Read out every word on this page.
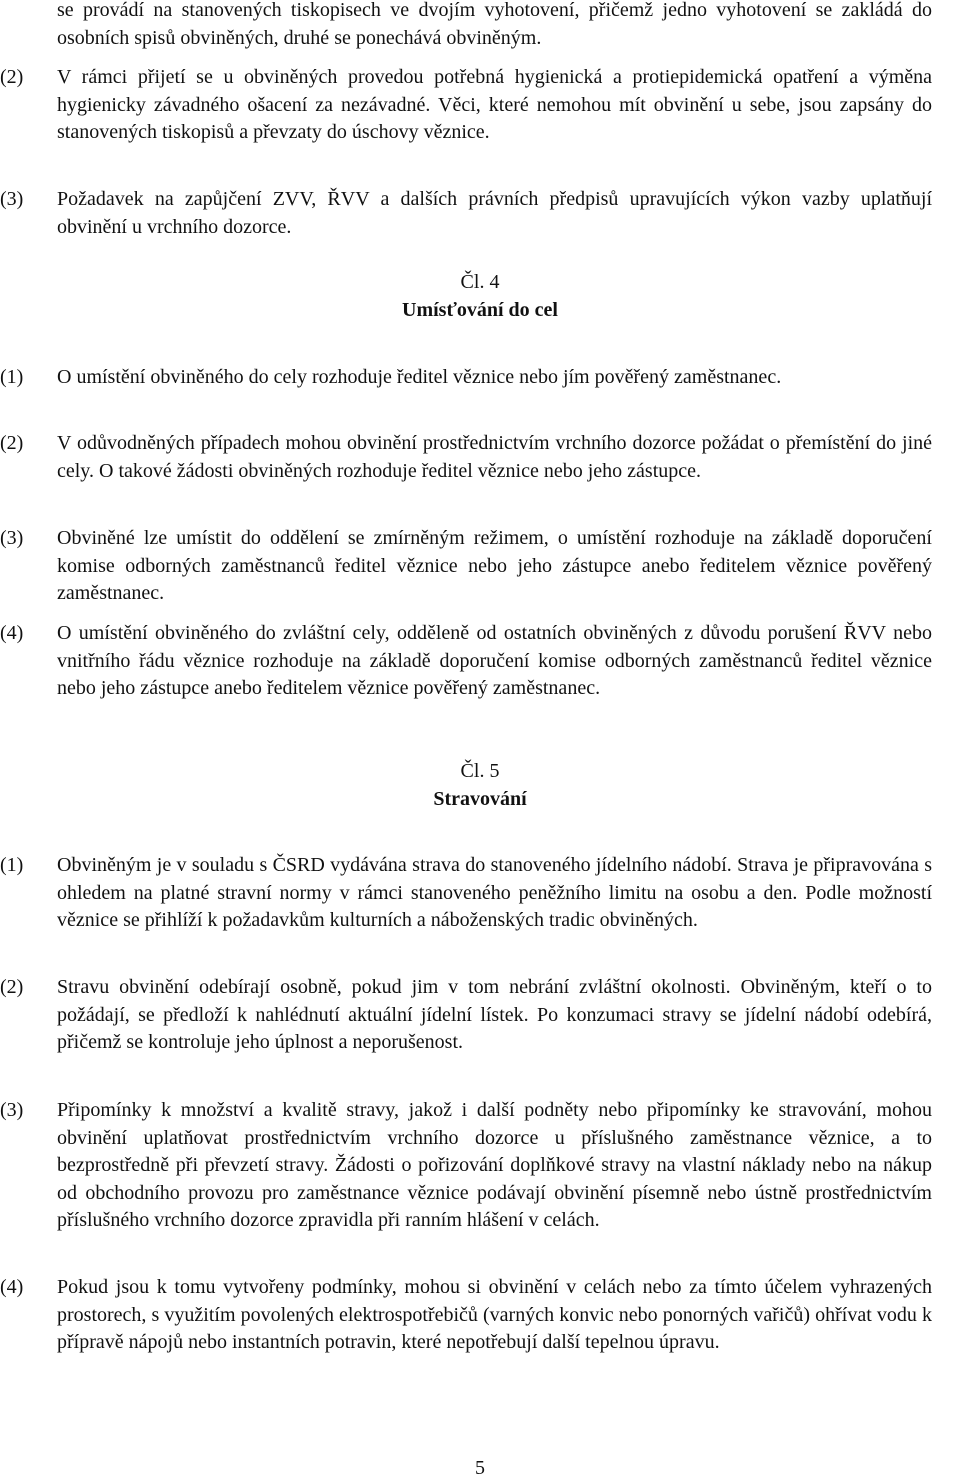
se provádí na stanovených tiskopisech ve dvojím vyhotovení, přičemž jedno vyhotovení se zakládá do osobních spisů obviněných, druhé se ponechává obviněným.
(2)	V rámci přijetí se u obviněných provedou potřebná hygienická a protiepidemická opatření a výměna hygienicky závadného ošacení za nezávadné. Věci, které nemohou mít obvinění u sebe, jsou zapsány do stanovených tiskopisů a převzaty do úschovy věznice.
(3)	Požadavek na zapůjčení ZVV, ŘVV a dalších právních předpisů upravujících výkon vazby uplatňují obvinění u vrchního dozorce.
Čl. 4
Umísťování do cel
(1)	O umístění obviněného do cely rozhoduje ředitel věznice nebo jím pověřený zaměstnanec.
(2)	V odůvodněných případech mohou obvinění prostřednictvím vrchního dozorce požádat o přemístění do jiné cely. O takové žádosti obviněných rozhoduje ředitel věznice nebo jeho zástupce.
(3)	Obviněné lze umístit do oddělení se zmírněným režimem, o umístění rozhoduje na základě doporučení komise odborných zaměstnanců ředitel věznice nebo jeho zástupce anebo ředitelem věznice pověřený zaměstnanec.
(4)	O umístění obviněného do zvláštní cely, odděleně od ostatních obviněných z důvodu porušení ŘVV nebo vnitřního řádu věznice rozhoduje na základě doporučení komise odborných zaměstnanců ředitel věznice nebo jeho zástupce anebo ředitelem věznice pověřený zaměstnanec.
Čl. 5
Stravování
(1)	Obviněným je v souladu s ČSRD vydávána strava do stanoveného jídelního nádobí. Strava je připravována s ohledem na platné stravní normy v rámci stanoveného peněžního limitu na osobu a den. Podle možností věznice se přihlíží k požadavkům kulturních a náboženských tradic obviněných.
(2)	Stravu obvinění odebírají osobně, pokud jim v tom nebrání zvláštní okolnosti. Obviněným, kteří o to požádají, se předloží k nahlédnutí aktuální jídelní lístek. Po konzumaci stravy se jídelní nádobí odebírá, přičemž se kontroluje jeho úplnost a neporušenost.
(3)	Připomínky k množství a kvalitě stravy, jakož i další podněty nebo připomínky ke stravování, mohou obvinění uplatňovat prostřednictvím vrchního dozorce u příslušného zaměstnance věznice, a to bezprostředně při převzetí stravy. Žádosti o pořizování doplňkové stravy na vlastní náklady nebo na nákup od obchodního provozu pro zaměstnance věznice podávají obvinění písemně nebo ústně prostřednictvím příslušného vrchního dozorce zpravidla při ranním hlášení v celách.
(4)	Pokud jsou k tomu vytvořeny podmínky, mohou si obvinění v celách nebo za tímto účelem vyhrazených prostorech, s využitím povolených elektrospotřebičů (varných konvic nebo ponorných vařičů) ohřívat vodu k přípravě nápojů nebo instantních potravin, které nepotřebují další tepelnou úpravu.
5
